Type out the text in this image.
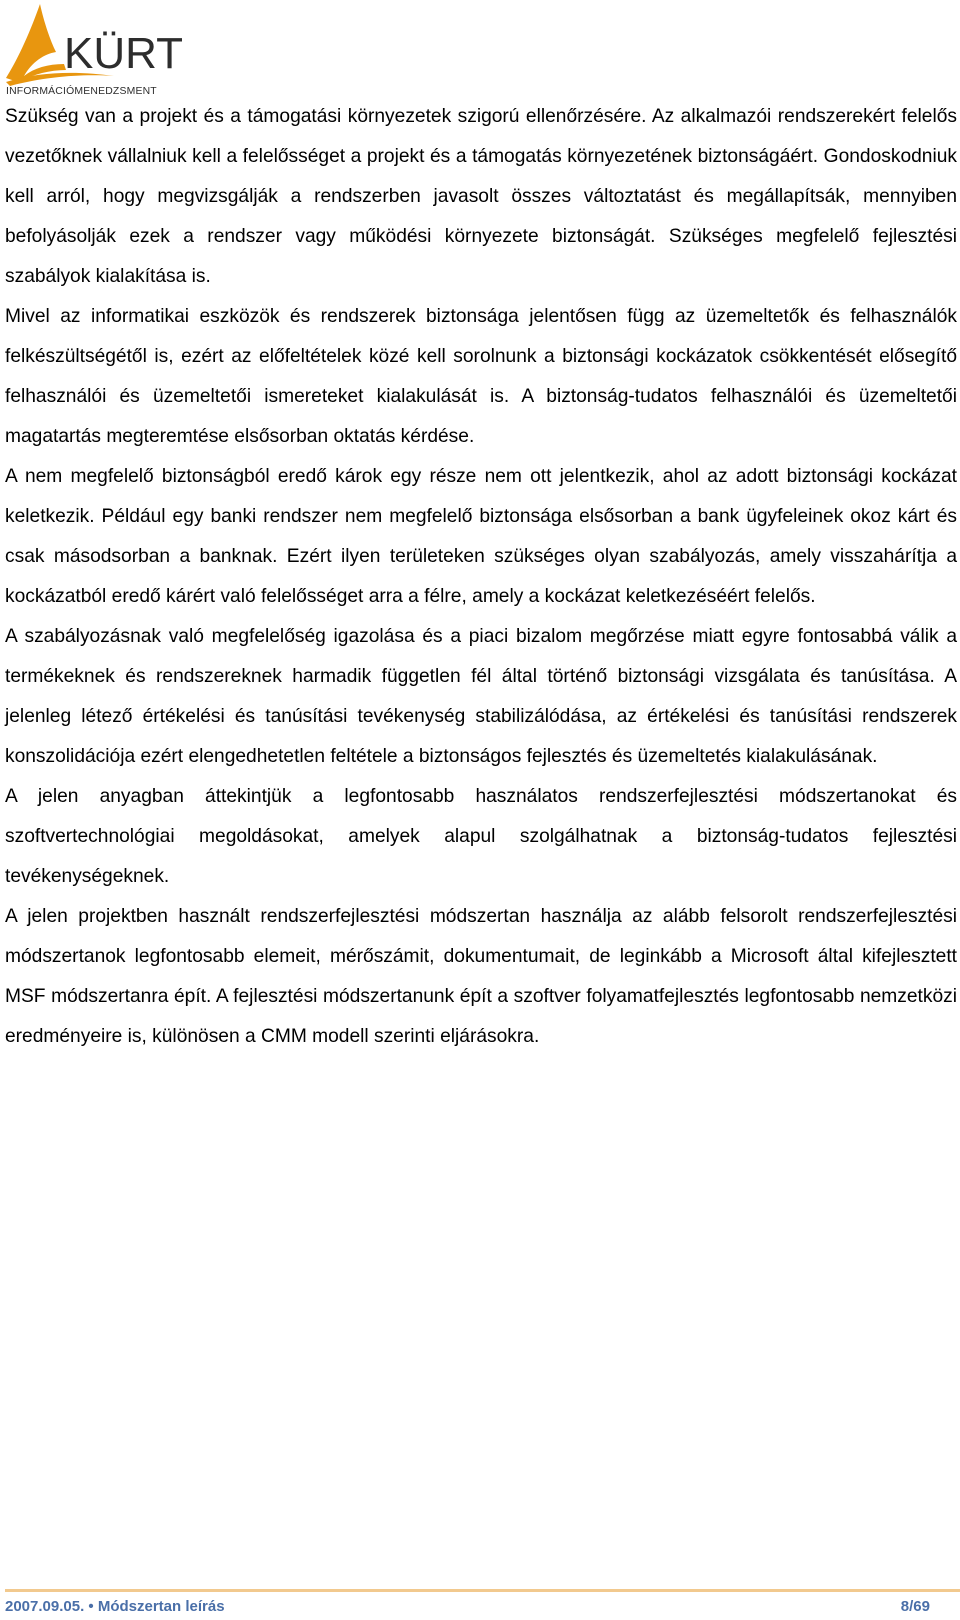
KÜRT
INFORMÁCIÓMENEDZSMENT

Szükség van a projekt és a támogatási környezetek szigorú ellenőrzésére. Az alkalmazói rendszerekért felelős vezetőknek vállalniuk kell a felelősséget a projekt és a támogatás környezetének biztonságáért. Gondoskodniuk kell arról, hogy megvizsgálják a rendszerben javasolt összes változtatást és megállapítsák, mennyiben befolyásolják ezek a rendszer vagy működési környezete biztonságát. Szükséges megfelelő fejlesztési szabályok kialakítása is.

Mivel az informatikai eszközök és rendszerek biztonsága jelentősen függ az üzemeltetők és felhasználók felkészültségétől is, ezért az előfeltételek közé kell sorolnunk a biztonsági kockázatok csökkentését elősegítő felhasználói és üzemeltetői ismereteket kialakulását is. A biztonság-tudatos felhasználói és üzemeltetői magatartás megteremtése elsősorban oktatás kérdése.

A nem megfelelő biztonságból eredő károk egy része nem ott jelentkezik, ahol az adott biztonsági kockázat keletkezik. Például egy banki rendszer nem megfelelő biztonsága elsősorban a bank ügyfeleinek okoz kárt és csak másodsorban a banknak. Ezért ilyen területeken szükséges olyan szabályozás, amely visszahárítja a kockázatból eredő kárért való felelősséget arra a félre, amely a kockázat keletkezéséért felelős.

A szabályozásnak való megfelelőség igazolása és a piaci bizalom megőrzése miatt egyre fontosabbá válik a termékeknek és rendszereknek harmadik független fél által történő biztonsági vizsgálata és tanúsítása. A jelenleg létező értékelési és tanúsítási tevékenység stabilizálódása, az értékelési és tanúsítási rendszerek konszolidációja ezért elengedhetetlen feltétele a biztonságos fejlesztés és üzemeltetés kialakulásának.

A jelen anyagban áttekintjük a legfontosabb használatos rendszerfejlesztési módszertanokat és szoftvertechnológiai megoldásokat, amelyek alapul szolgálhatnak a biztonság-tudatos fejlesztési tevékenységeknek.

A jelen projektben használt rendszerfejlesztési módszertan használja az alább felsorolt rendszerfejlesztési módszertanok legfontosabb elemeit, mérőszámit, dokumentumait, de leginkább a Microsoft által kifejlesztett MSF módszertanra épít. A fejlesztési módszertanunk épít a szoftver folyamatfejlesztés legfontosabb nemzetközi eredményeire is, különösen a CMM modell szerinti eljárásokra.

2007.09.05. • Módszertan leírás	8/69
